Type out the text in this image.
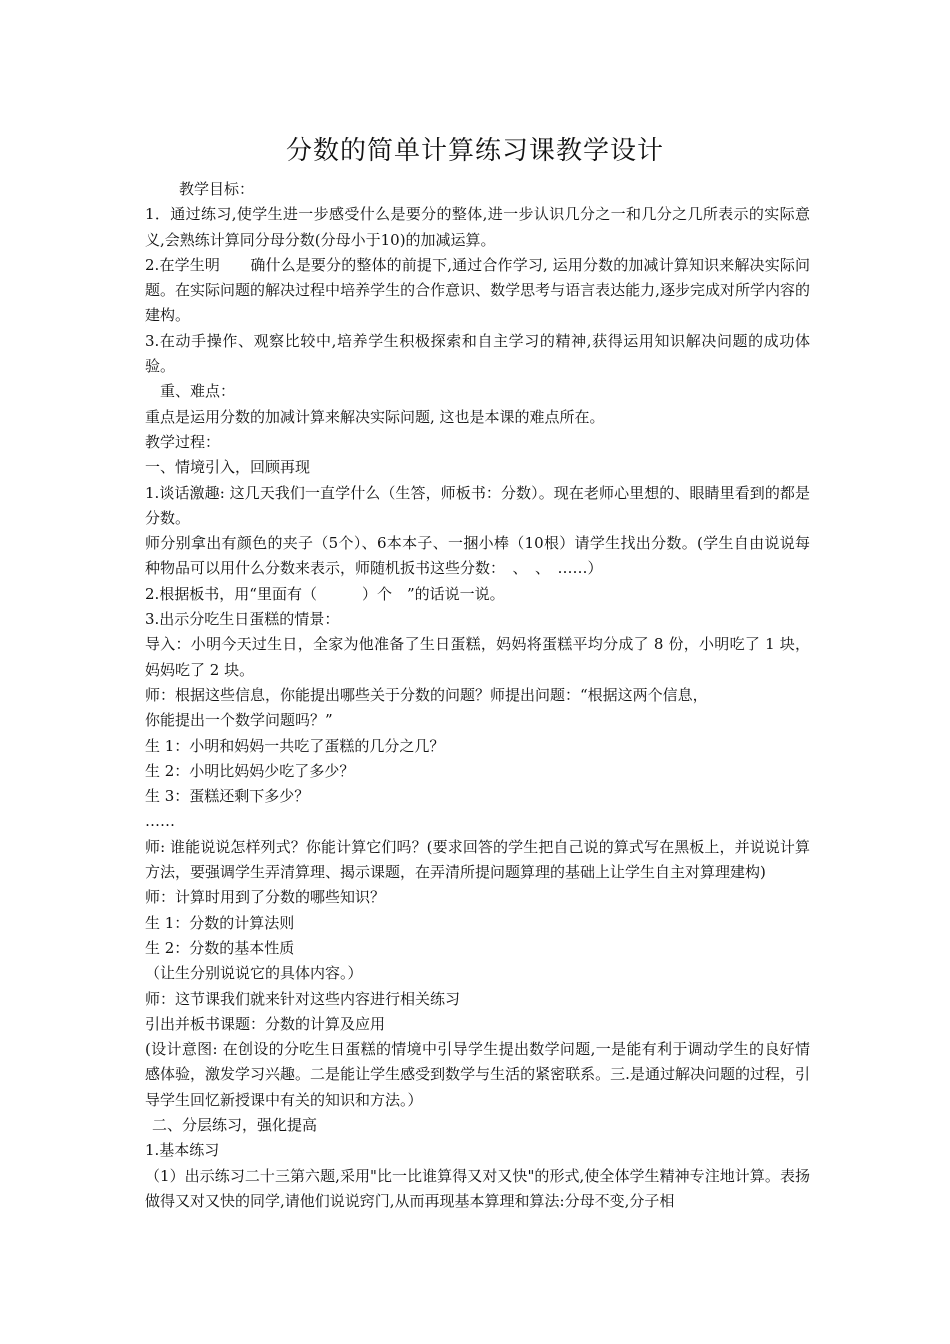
分数的简单计算练习课教学设计

教学目标：

1．通过练习,使学生进一步感受什么是要分的整体,进一步认识几分之一和几分之几所表示的实际意义,会熟练计算同分母分数(分母小于10)的加减运算。

2.在学生明　　确什么是要分的整体的前提下,通过合作学习, 运用分数的加减计算知识来解决实际问题。在实际问题的解决过程中培养学生的合作意识、数学思考与语言表达能力,逐步完成对所学内容的建构。

3.在动手操作、观察比较中,培养学生积极探索和自主学习的精神,获得运用知识解决问题的成功体验。

重、难点：

重点是运用分数的加减计算来解决实际问题, 这也是本课的难点所在。

教学过程：

一、情境引入，回顾再现

1.谈话激趣: 这几天我们一直学什么（生答，师板书：分数）。现在老师心里想的、眼睛里看到的都是分数。

师分别拿出有颜色的夹子（5个）、6本本子、一捆小棒（10根）请学生找出分数。(学生自由说说每种物品可以用什么分数来表示，师随机扳书这些分数：　、　、　……）

2.根据板书，用“里面有（　　　）个　”的话说一说。

3.出示分吃生日蛋糕的情景：

导入：小明今天过生日，全家为他准备了生日蛋糕，妈妈将蛋糕平均分成了 8 份，小明吃了 1 块，妈妈吃了 2 块。

师：根据这些信息，你能提出哪些关于分数的问题？师提出问题：“根据这两个信息，

你能提出一个数学问题吗？”

生 1：小明和妈妈一共吃了蛋糕的几分之几？

生 2：小明比妈妈少吃了多少？

生 3：蛋糕还剩下多少？

……

师: 谁能说说怎样列式？你能计算它们吗？(要求回答的学生把自己说的算式写在黑板上，并说说计算方法，要强调学生弄清算理、揭示课题，在弄清所提问题算理的基础上让学生自主对算理建构)

师：计算时用到了分数的哪些知识？

生 1：分数的计算法则

生 2：分数的基本性质

（让生分别说说它的具体内容。）

师：这节课我们就来针对这些内容进行相关练习

引出并板书课题：分数的计算及应用

(设计意图: 在创设的分吃生日蛋糕的情境中引导学生提出数学问题,一是能有利于调动学生的良好情感体验，激发学习兴趣。二是能让学生感受到数学与生活的紧密联系。三.是通过解决问题的过程，引导学生回忆新授课中有关的知识和方法。）

二、分层练习，强化提高

1.基本练习

（1）出示练习二十三第六题,采用"比一比谁算得又对又快"的形式,使全体学生精神专注地计算。表扬做得又对又快的同学,请他们说说窍门,从而再现基本算理和算法:分母不变,分子相
